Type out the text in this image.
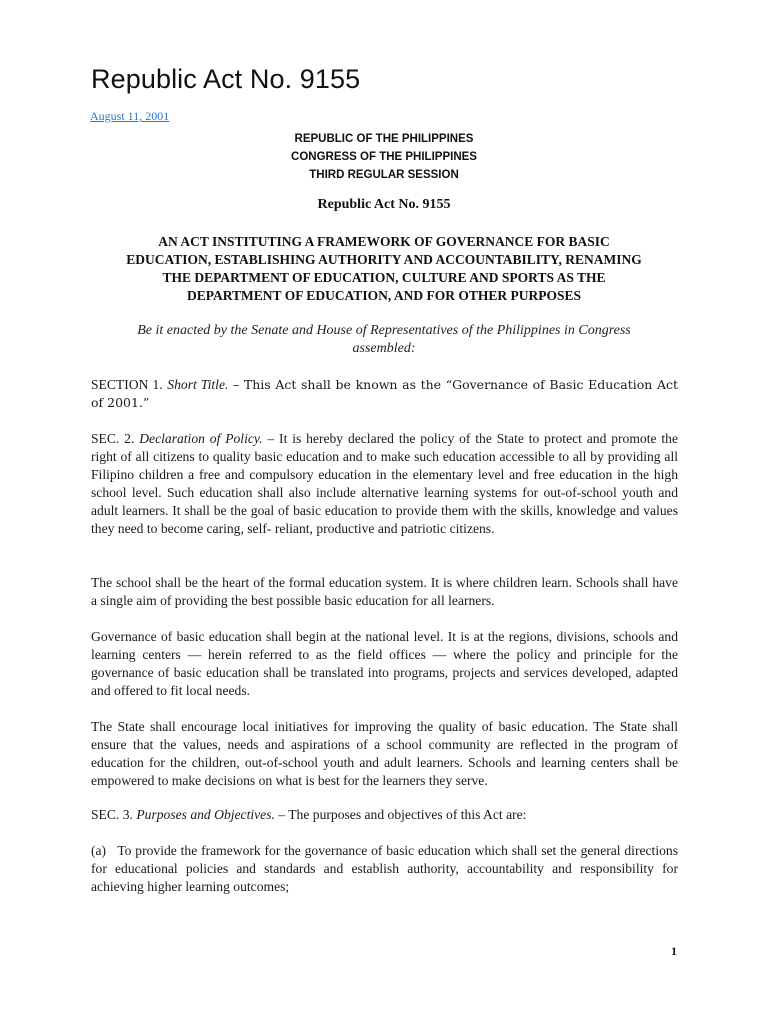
Republic Act No. 9155
August 11, 2001
REPUBLIC OF THE PHILIPPINES
CONGRESS OF THE PHILIPPINES
THIRD REGULAR SESSION
Republic Act No. 9155
AN ACT INSTITUTING A FRAMEWORK OF GOVERNANCE FOR BASIC EDUCATION, ESTABLISHING AUTHORITY AND ACCOUNTABILITY, RENAMING THE DEPARTMENT OF EDUCATION, CULTURE AND SPORTS AS THE DEPARTMENT OF EDUCATION, AND FOR OTHER PURPOSES
Be it enacted by the Senate and House of Representatives of the Philippines in Congress assembled:

SECTION 1. Short Title. – This Act shall be known as the “Governance of Basic Education Act of 2001.”

SEC. 2. Declaration of Policy. – It is hereby declared the policy of the State to protect and promote the right of all citizens to quality basic education and to make such education accessible to all by providing all Filipino children a free and compulsory education in the elementary level and free education in the high school level. Such education shall also include alternative learning systems for out-of-school youth and adult learners. It shall be the goal of basic education to provide them with the skills, knowledge and values they need to become caring, self- reliant, productive and patriotic citizens.

The school shall be the heart of the formal education system. It is where children learn. Schools shall have a single aim of providing the best possible basic education for all learners.

Governance of basic education shall begin at the national level. It is at the regions, divisions, schools and learning centers — herein referred to as the field offices — where the policy and principle for the governance of basic education shall be translated into programs, projects and services developed, adapted and offered to fit local needs.

The State shall encourage local initiatives for improving the quality of basic education. The State shall ensure that the values, needs and aspirations of a school community are reflected in the program of education for the children, out-of-school youth and adult learners. Schools and learning centers shall be empowered to make decisions on what is best for the learners they serve.

SEC. 3. Purposes and Objectives. – The purposes and objectives of this Act are:

(a)   To provide the framework for the governance of basic education which shall set the general directions for educational policies and standards and establish authority, accountability and responsibility for achieving higher learning outcomes;

1
